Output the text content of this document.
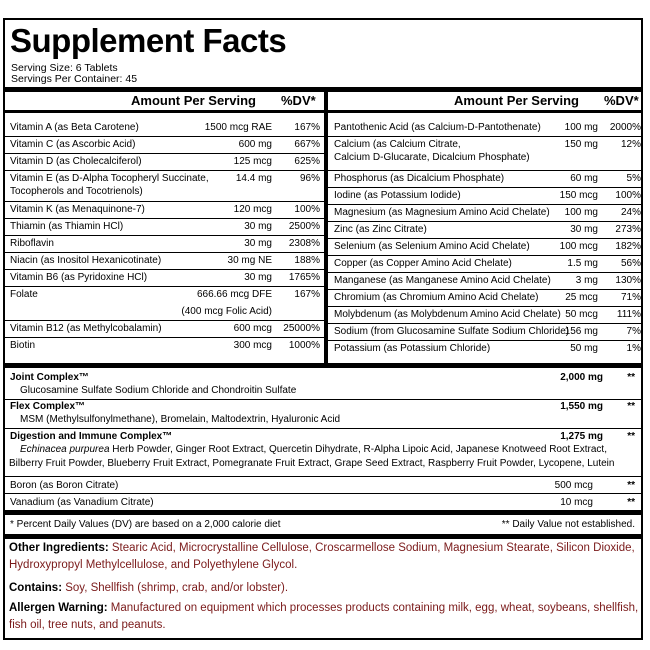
Supplement Facts
Serving Size: 6 Tablets
Servings Per Container: 45
Amount Per Serving %DV*	Amount Per Serving %DV*
Vitamin A (as Beta Carotene)	1500 mcg RAE 167%
Vitamin C (as Ascorbic Acid)	600 mg 667%
Vitamin D (as Cholecalciferol)	125 mcg 625%
Vitamin E (as D-Alpha Tocopheryl Succinate,
Tocopherols and Tocotrienols)
14.4 mg	96%
Vitamin K (as Menaquinone-7)	120 mcg 100%
Thiamin (as Thiamin HCl)	30 mg 2500%
Riboflavin	30 mg 2308%
Niacin (as Inositol Hexanicotinate)	30 mg NE 188%
Vitamin B6 (as Pyridoxine HCl)	30 mg 1765%
Folate	666.66 mcg DFE
(400 mcg Folic Acid)
167%
Vitamin B12 (as Methylcobalamin)	600 mcg 25000%
Biotin	300 mcg 1000%
Pantothenic Acid (as Calcium-D-Pantothenate) 100 mg 2000%
Calcium (as Calcium Citrate,
Calcium D-Glucarate, Dicalcium Phosphate)
150 mg 12%
Phosphorus (as Dicalcium Phosphate)	60 mg	5%
Iodine (as Potassium Iodide)	150 mcg 100%
Magnesium (as Magnesium Amino Acid Chelate) 100 mg 24%
Zinc (as Zinc Citrate)	30 mg 273%
Selenium (as Selenium Amino Acid Chelate)	100 mcg 182%
Copper (as Copper Amino Acid Chelate)	1.5 mg 56%
Manganese (as Manganese Amino Acid Chelate) 3 mg 130%
Chromium (as Chromium Amino Acid Chelate)	25 mcg 71%
Molybdenum (as Molybdenum Amino Acid Chelate) 50 mcg 111%
Sodium (from Glucosamine Sulfate Sodium Chloride)
156 mg	7%
Potassium (as Potassium Chloride)	50 mg	1%
Joint Complex™	2,000 mg **
Glucosamine Sulfate Sodium Chloride and Chondroitin Sulfate
Flex Complex™	1,550 mg **
MSM (Methylsulfonylmethane), Bromelain, Maltodextrin, Hyaluronic Acid
Digestion and Immune Complex™	1,275 mg **
Echinacea purpurea Herb Powder, Ginger Root Extract, Quercetin Dihydrate, R-Alpha Lipoic Acid, Japanese Knotweed Root Extract,
Bilberry Fruit Powder, Blueberry Fruit Extract, Pomegranate Fruit Extract, Grape Seed Extract, Raspberry Fruit Powder, Lycopene, Lutein
Boron (as Boron Citrate)	500 mcg	**
Vanadium (as Vanadium Citrate)	10 mcg	**
* Percent Daily Values (DV) are based on a 2,000 calorie diet	** Daily Value not established.
Other Ingredients: Stearic Acid, Microcrystalline Cellulose, Croscarmellose Sodium, Magnesium Stearate, Silicon Dioxide,
Hydroxypropyl Methylcellulose, and Polyethylene Glycol.
Contains: Soy, Shellfish (shrimp, crab, and/or lobster).
Allergen Warning: Manufactured on equipment which processes products containing milk, egg, wheat, soybeans, shellfish,
fish oil, tree nuts, and peanuts.
